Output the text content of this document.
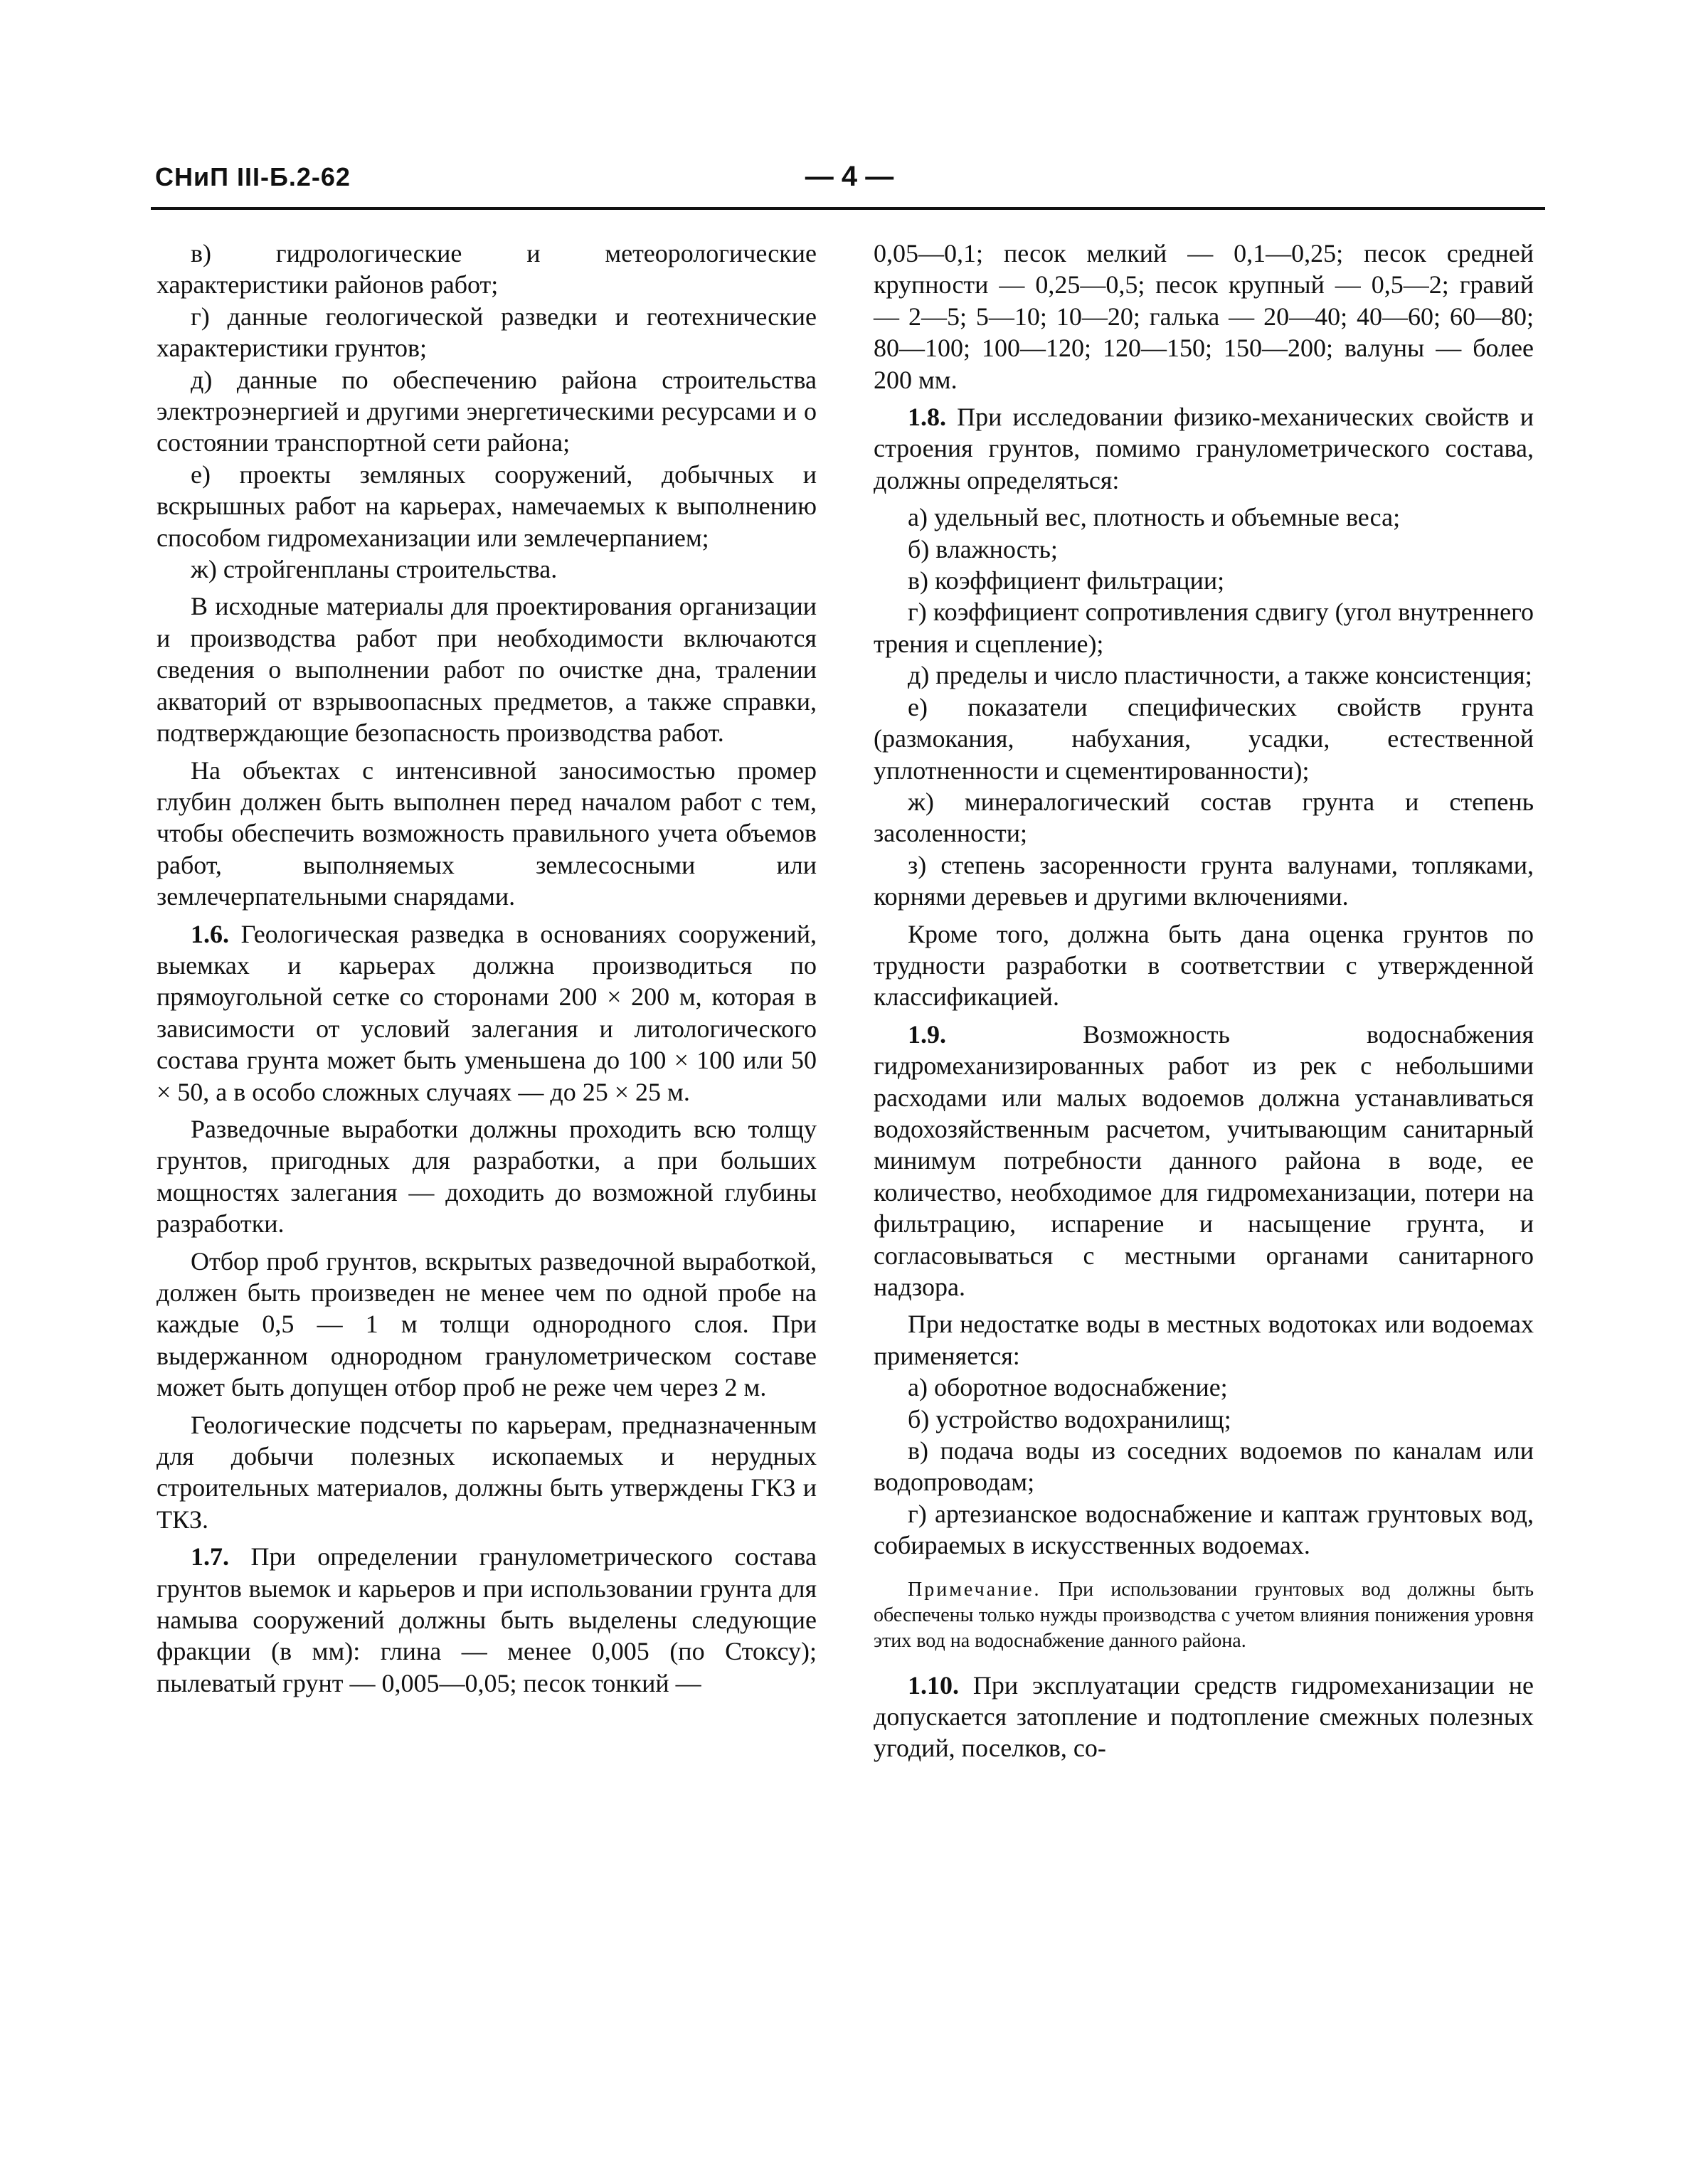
СНиП III-Б.2-62	— 4 —

в) гидрологические и метеорологические характеристики районов работ;

г) данные геологической разведки и геотехнические характеристики грунтов;

д) данные по обеспечению района строительства электроэнергией и другими энергетическими ресурсами и о состоянии транспортной сети района;

е) проекты земляных сооружений, добычных и вскрышных работ на карьерах, намечаемых к выполнению способом гидромеханизации или землечерпанием;

ж) стройгенпланы строительства.

В исходные материалы для проектирования организации и производства работ при необходимости включаются сведения о выполнении работ по очистке дна, тралении акваторий от взрывоопасных предметов, а также справки, подтверждающие безопасность производства работ.

На объектах с интенсивной заносимостью промер глубин должен быть выполнен перед началом работ с тем, чтобы обеспечить возможность правильного учета объемов работ, выполняемых землесосными или землечерпательными снарядами.

1.6. Геологическая разведка в основаниях сооружений, выемках и карьерах должна производиться по прямоугольной сетке со сторонами 200 × 200 м, которая в зависимости от условий залегания и литологического состава грунта может быть уменьшена до 100 × 100 или 50 × 50, а в особо сложных случаях — до 25 × 25 м.

Разведочные выработки должны проходить всю толщу грунтов, пригодных для разработки, а при больших мощностях залегания — доходить до возможной глубины разработки.

Отбор проб грунтов, вскрытых разведочной выработкой, должен быть произведен не менее чем по одной пробе на каждые 0,5 — 1 м толщи однородного слоя. При выдержанном однородном гранулометрическом составе может быть допущен отбор проб не реже чем через 2 м.

Геологические подсчеты по карьерам, предназначенным для добычи полезных ископаемых и нерудных строительных материалов, должны быть утверждены ГКЗ и ТКЗ.

1.7. При определении гранулометрического состава грунтов выемок и карьеров и при использовании грунта для намыва сооружений должны быть выделены следующие фракции (в мм): глина — менее 0,005 (по Стоксу); пылеватый грунт — 0,005—0,05; песок тонкий —

0,05—0,1; песок мелкий — 0,1—0,25; песок средней крупности — 0,25—0,5; песок крупный — 0,5—2; гравий — 2—5; 5—10; 10—20; галька — 20—40; 40—60; 60—80; 80—100; 100—120; 120—150; 150—200; валуны — более 200 мм.

1.8. При исследовании физико-механических свойств и строения грунтов, помимо гранулометрического состава, должны определяться:

а) удельный вес, плотность и объемные веса;

б) влажность;

в) коэффициент фильтрации;

г) коэффициент сопротивления сдвигу (угол внутреннего трения и сцепление);

д) пределы и число пластичности, а также консистенция;

е) показатели специфических свойств грунта (размокания, набухания, усадки, естественной уплотненности и сцементированности);

ж) минералогический состав грунта и степень засоленности;

з) степень засоренности грунта валунами, топляками, корнями деревьев и другими включениями.

Кроме того, должна быть дана оценка грунтов по трудности разработки в соответствии с утвержденной классификацией.

1.9.	Возможность водоснабжения гидромеханизированных работ из рек с небольшими расходами или малых водоемов должна устанавливаться водохозяйственным расчетом, учитывающим санитарный минимум потребности данного района в воде, ее количество, необходимое для гидромеханизации, потери на фильтрацию, испарение и насыщение грунта, и согласовываться с местными органами санитарного надзора.

При недостатке воды в местных водотоках или водоемах применяется:

а) оборотное водоснабжение;

б) устройство водохранилищ;

в) подача воды из соседних водоемов по каналам или водопроводам;

г) артезианское водоснабжение и каптаж грунтовых вод, собираемых в искусственных водоемах.

Примечание. При использовании грунтовых вод должны быть обеспечены только нужды производства с учетом влияния понижения уровня этих вод на водоснабжение данного района.

1.10. При эксплуатации средств гидромеханизации не допускается затопление и подтопление смежных полезных угодий, поселков, со-
